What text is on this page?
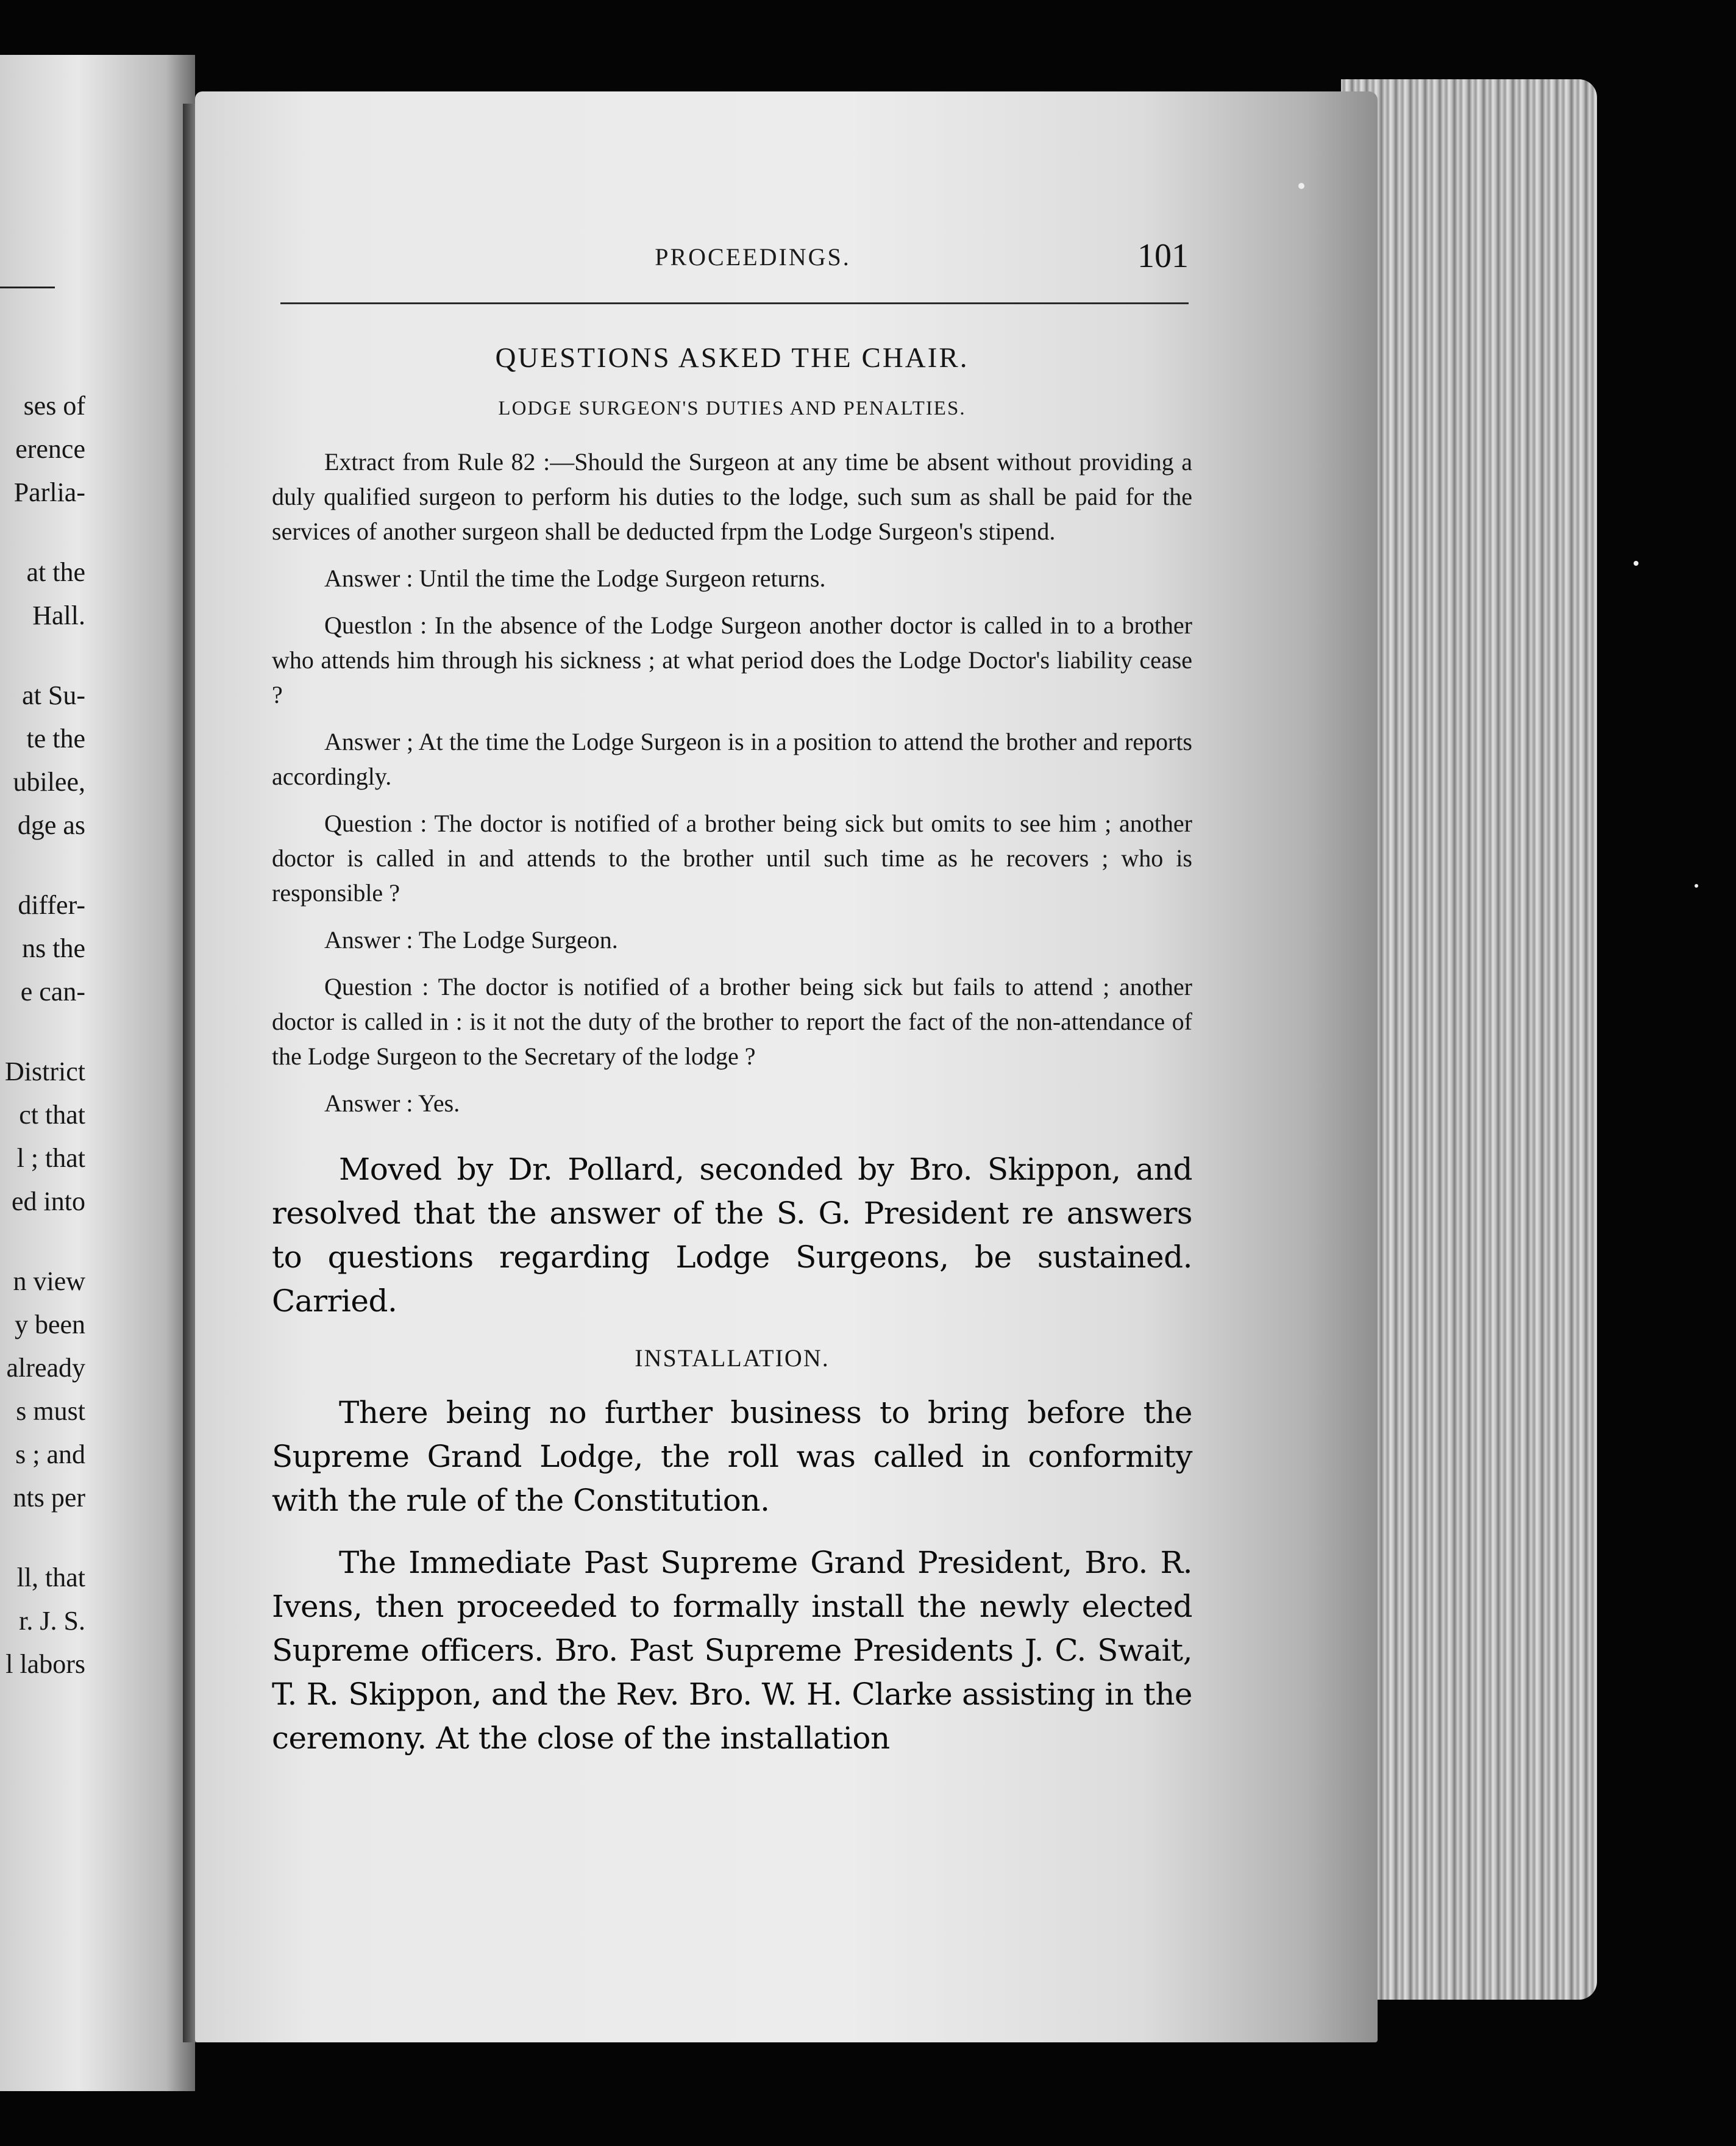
ses of
erence
Parlia-
at the
Hall.
at Su-
te the
ubilee,
dge as
differ-
ns the
e can-
District
ct that
l ; that
ed into
n view
y been
already
s must
s ; and
nts per
ll, that
r. J. S.
l labors
PROCEEDINGS.	101
QUESTIONS ASKED THE CHAIR.
LODGE SURGEON'S DUTIES AND PENALTIES.

Extract from Rule 82 :—Should the Surgeon at any time be absent without providing a duly qualified surgeon to perform his duties to the lodge, such sum as shall be paid for the services of another surgeon shall be deducted frpm the Lodge Surgeon's stipend.

Answer : Until the time the Lodge Surgeon returns.

Questlon : In the absence of the Lodge Surgeon another doctor is called in to a brother who attends him through his sickness ; at what period does the Lodge Doctor's liability cease ?

Answer ; At the time the Lodge Surgeon is in a position to attend the brother and reports accordingly.

Question : The doctor is notified of a brother being sick but omits to see him ; another doctor is called in and attends to the brother until such time as he recovers ; who is responsible ?

Answer : The Lodge Surgeon.

Question : The doctor is notified of a brother being sick but fails to attend ; another doctor is called in : is it not the duty of the brother to report the fact of the non-attendance of the Lodge Surgeon to the Secretary of the lodge ?

Answer : Yes.

Moved by Dr. Pollard, seconded by Bro. Skippon, and resolved that the answer of the S. G. President re answers to questions regarding Lodge Surgeons, be sustained. Carried.

INSTALLATION.

There being no further business to bring before the Supreme Grand Lodge, the roll was called in conformity with the rule of the Constitution.

The Immediate Past Supreme Grand President, Bro. R. Ivens, then proceeded to formally install the newly elected Supreme officers. Bro. Past Supreme Presidents J. C. Swait, T. R. Skippon, and the Rev. Bro. W. H. Clarke assisting in the ceremony. At the close of the installation
